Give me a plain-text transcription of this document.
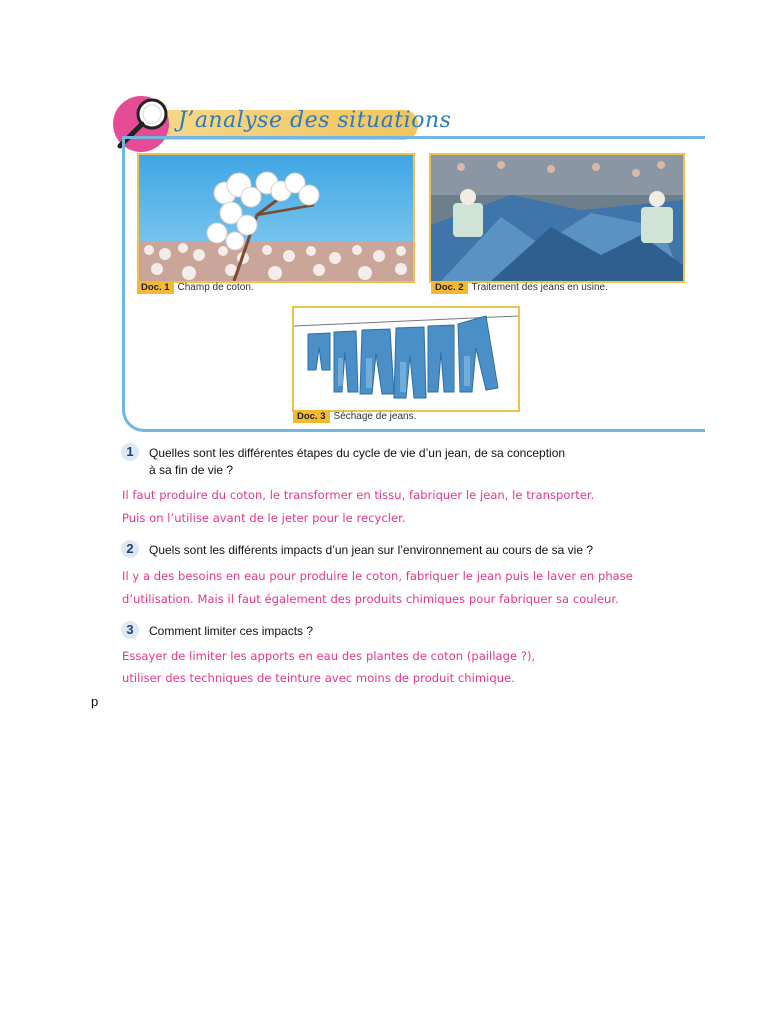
J’analyse des situations
Doc. 1 Champ de coton.	Doc. 2 Traitement des jeans en usine.
Doc. 3 Séchage de jeans.
1	Quelles sont les différentes étapes du cycle de vie d’un jean, de sa conception
à sa fin de vie ?
Il faut produire du coton, le transformer en tissu, fabriquer le jean, le transporter.
Puis on l’utilise avant de le jeter pour le recycler.
2	Quels sont les différents impacts d’un jean sur l’environnement au cours de sa vie ?
Il y a des besoins en eau pour produire le coton, fabriquer le jean puis le laver en phase
d’utilisation. Mais il faut également des produits chimiques pour fabriquer sa couleur.
3	Comment limiter ces impacts ?
Essayer de limiter les apports en eau des plantes de coton (paillage ?),
utiliser des techniques de teinture avec moins de produit chimique.
p
